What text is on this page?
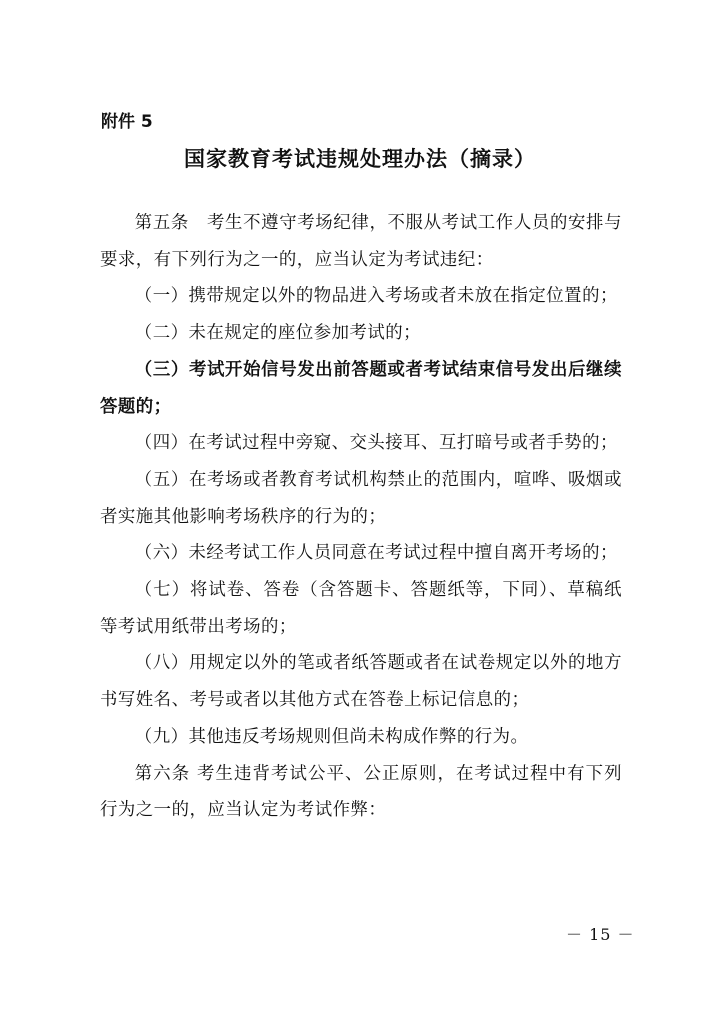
附件 5
国家教育考试违规处理办法（摘录）

第五条　考生不遵守考场纪律，不服从考试工作人员的安排与要求，有下列行为之一的，应当认定为考试违纪：

（一）携带规定以外的物品进入考场或者未放在指定位置的；

（二）未在规定的座位参加考试的；

（三）考试开始信号发出前答题或者考试结束信号发出后继续答题的；

（四）在考试过程中旁窥、交头接耳、互打暗号或者手势的；

（五）在考场或者教育考试机构禁止的范围内，喧哗、吸烟或者实施其他影响考场秩序的行为的；

（六）未经考试工作人员同意在考试过程中擅自离开考场的；

（七）将试卷、答卷（含答题卡、答题纸等，下同）、草稿纸等考试用纸带出考场的；

（八）用规定以外的笔或者纸答题或者在试卷规定以外的地方书写姓名、考号或者以其他方式在答卷上标记信息的；

（九）其他违反考场规则但尚未构成作弊的行为。

第六条 考生违背考试公平、公正原则，在考试过程中有下列行为之一的，应当认定为考试作弊：

－ 15 －
